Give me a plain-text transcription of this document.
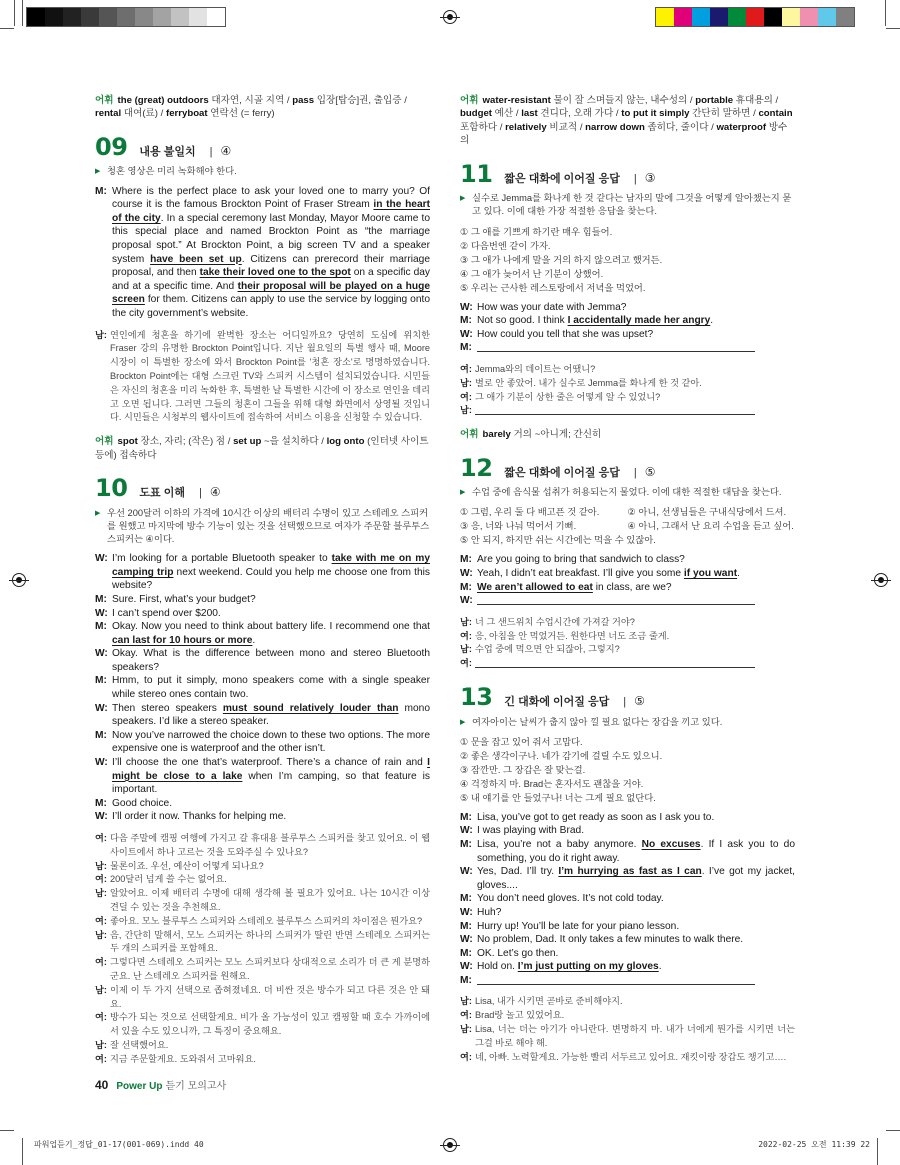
어휘 the (great) outdoors 대자연, 시골 지역 / pass 입장[탑승]권, 출입증 / rental 대여(료) / ferryboat 연락선 (= ferry)
09 내용 불일치 | ④
▶ 청혼 영상은 미리 녹화해야 한다.
M: Where is the perfect place to ask your loved one to marry you? Of course it is the famous Brockton Point of Fraser Stream in the heart of the city. In a special ceremony last Monday, Mayor Moore came to this special place and named Brockton Point as “the marriage proposal spot.” At Brockton Point, a big screen TV and a speaker system have been set up. Citizens can prerecord their marriage proposal, and then take their loved one to the spot on a specific day and at a specific time. And their proposal will be played on a huge screen for them. Citizens can apply to use the service by logging onto the city government’s website.
남: 연인에게 청혼을 하기에 완벽한 장소는 어디일까요? 당연히 도심에 위치한 Fraser 강의 유명한 Brockton Point입니다. 지난 월요일의 특별 행사 때, Moore 시장이 이 특별한 장소에 와서 Brockton Point를 '청혼 장소'로 명명하였습니다. Brockton Point에는 대형 스크린 TV와 스피커 시스템이 설치되었습니다. 시민들은 자신의 청혼을 미리 녹화한 후, 특별한 날 특별한 시간에 이 장소로 연인을 데리고 오면 됩니다. 그러면 그들의 청혼이 그들을 위해 대형 화면에서 상영될 것입니다. 시민들은 시청부의 웹사이트에 접속하여 서비스 이용을 신청할 수 있습니다.
어휘 spot 장소, 자리; (작은) 점 / set up ~을 설치하다 / log onto (인터넷 사이트 등에) 접속하다
10 도표 이해 | ④
▶ 우선 200달러 이하의 가격에 10시간 이상의 배터리 수명이 있고 스테레오 스피커를 원했고 마지막에 방수 기능이 있는 것을 선택했으므로 여자가 주문할 블루투스 스피커는 ④이다.
W: I’m looking for a portable Bluetooth speaker to take with me on my camping trip next weekend. Could you help me choose one from this website?
M: Sure. First, what’s your budget?
W: I can’t spend over $200.
M: Okay. Now you need to think about battery life. I recommend one that can last for 10 hours or more.
W: Okay. What is the difference between mono and stereo Bluetooth speakers?
M: Hmm, to put it simply, mono speakers come with a single speaker while stereo ones contain two.
W: Then stereo speakers must sound relatively louder than mono speakers. I’d like a stereo speaker.
M: Now you’ve narrowed the choice down to these two options. The more expensive one is waterproof and the other isn’t.
W: I’ll choose the one that’s waterproof. There’s a chance of rain and I might be close to a lake when I’m camping, so that feature is important.
M: Good choice.
W: I’ll order it now. Thanks for helping me.
여: 다음 주말에 캠핑 여행에 가지고 갈 휴대용 블루투스 스피커를 찾고 있어요. 이 웹사이트에서 하나 고르는 것을 도와주실 수 있나요?
남: 물론이죠. 우선, 예산이 어떻게 되나요?
여: 200달러 넘게 쓸 수는 없어요.
남: 알았어요. 이제 배터리 수명에 대해 생각해 볼 필요가 있어요. 나는 10시간 이상 견딜 수 있는 것을 추천해요.
여: 좋아요. 모노 블루투스 스피커와 스테레오 블루투스 스피커의 차이점은 뭔가요?
남: 음, 간단히 말해서, 모노 스피커는 하나의 스피커가 딸린 반면 스테레오 스피커는 두 개의 스피커를 포함해요.
여: 그렇다면 스테레오 스피커는 모노 스피커보다 상대적으로 소리가 더 큰 게 분명하군요. 난 스테레오 스피커를 원해요.
남: 이제 이 두 가지 선택으로 좁혀졌네요. 더 비싼 것은 방수가 되고 다른 것은 안 돼요.
여: 방수가 되는 것으로 선택할게요. 비가 올 가능성이 있고 캠핑할 때 호수 가까이에서 있을 수도 있으니까, 그 특징이 중요해요.
남: 잘 선택했어요.
여: 지금 주문할게요. 도와줘서 고마워요.
어휘 water-resistant 물이 잘 스며들지 않는, 내수성의 / portable 휴대용의 / budget 예산 / last 견디다, 오래 가다 / to put it simply 간단히 말하면 / contain 포함하다 / relatively 비교적 / narrow down 좁히다, 줄이다 / waterproof 방수의
11 짧은 대화에 이어질 응답 | ③
▶ 실수로 Jemma를 화나게 한 것 같다는 남자의 말에 그것을 어떻게 알아챘는지 묻고 있다. 이에 대한 가장 적절한 응답을 찾는다.
① 그 애를 기쁘게 하기란 매우 힘들어.
② 다음번엔 같이 가자.
③ 그 애가 나에게 말을 거의 하지 않으려고 했거든.
④ 그 애가 늦어서 난 기분이 상했어.
⑤ 우리는 근사한 레스토랑에서 저녁을 먹었어.
W: How was your date with Jemma?
M: Not so good. I think I accidentally made her angry.
W: How could you tell that she was upset?
M:
여: Jemma와의 데이트는 어땠니?
남: 별로 안 좋았어. 내가 실수로 Jemma를 화나게 한 것 같아.
여: 그 애가 기분이 상한 줄은 어떻게 알 수 있었니?
남:
어휘 barely 거의 ~아니게; 간신히
12 짧은 대화에 이어질 응답 | ⑤
▶ 수업 중에 음식물 섭취가 허용되는지 물었다. 이에 대한 적절한 대답을 찾는다.
① 그럼, 우리 둘 다 배고픈 것 같아.	② 아니, 선생님들은 구내식당에서 드셔.
③ 응, 너와 나눠 먹어서 기뻐.	④ 아니, 그래서 난 요리 수업을 듣고 싶어.
⑤ 안 되지, 하지만 쉬는 시간에는 먹을 수 있잖아.
M: Are you going to bring that sandwich to class?
W: Yeah, I didn’t eat breakfast. I’ll give you some if you want.
M: We aren’t allowed to eat in class, are we?
W:
남: 너 그 샌드위치 수업시간에 가져갈 거야?
여: 응, 아침을 안 먹었거든. 원한다면 너도 조금 줄게.
남: 수업 중에 먹으면 안 되잖아, 그렇지?
여:
13 긴 대화에 이어질 응답 | ⑤
▶ 여자아이는 날씨가 춥지 않아 낄 필요 없다는 장갑을 끼고 있다.
① 문을 잡고 있어 줘서 고맙다.
② 좋은 생각이구나. 네가 감기에 걸릴 수도 있으니.
③ 잠깐만. 그 장갑은 잘 맞는걸.
④ 걱정하지 마. Brad는 혼자서도 괜찮을 거야.
⑤ 내 얘기를 안 들었구나! 너는 그게 필요 없단다.
M: Lisa, you’ve got to get ready as soon as I ask you to.
W: I was playing with Brad.
M: Lisa, you’re not a baby anymore. No excuses. If I ask you to do something, you do it right away.
W: Yes, Dad. I’ll try. I’m hurrying as fast as I can. I’ve got my jacket, gloves....
M: You don’t need gloves. It’s not cold today.
W: Huh?
M: Hurry up! You’ll be late for your piano lesson.
W: No problem, Dad. It only takes a few minutes to walk there.
M: OK. Let’s go then.
W: Hold on. I’m just putting on my gloves.
M:
남: Lisa, 내가 시키면 곧바로 준비해야지.
여: Brad랑 놀고 있었어요.
남: Lisa, 너는 더는 아기가 아니란다. 변명하지 마. 내가 너에게 뭔가를 시키면 너는 그걸 바로 해야 해.
여: 네, 아빠. 노력할게요. 가능한 빨리 서두르고 있어요. 재킷이랑 장갑도 챙기고….
40 Power Up 듣기 모의고사
파워업듣기_정답_01-17(001-069).indd 40	2022-02-25 오전 11:39 22
